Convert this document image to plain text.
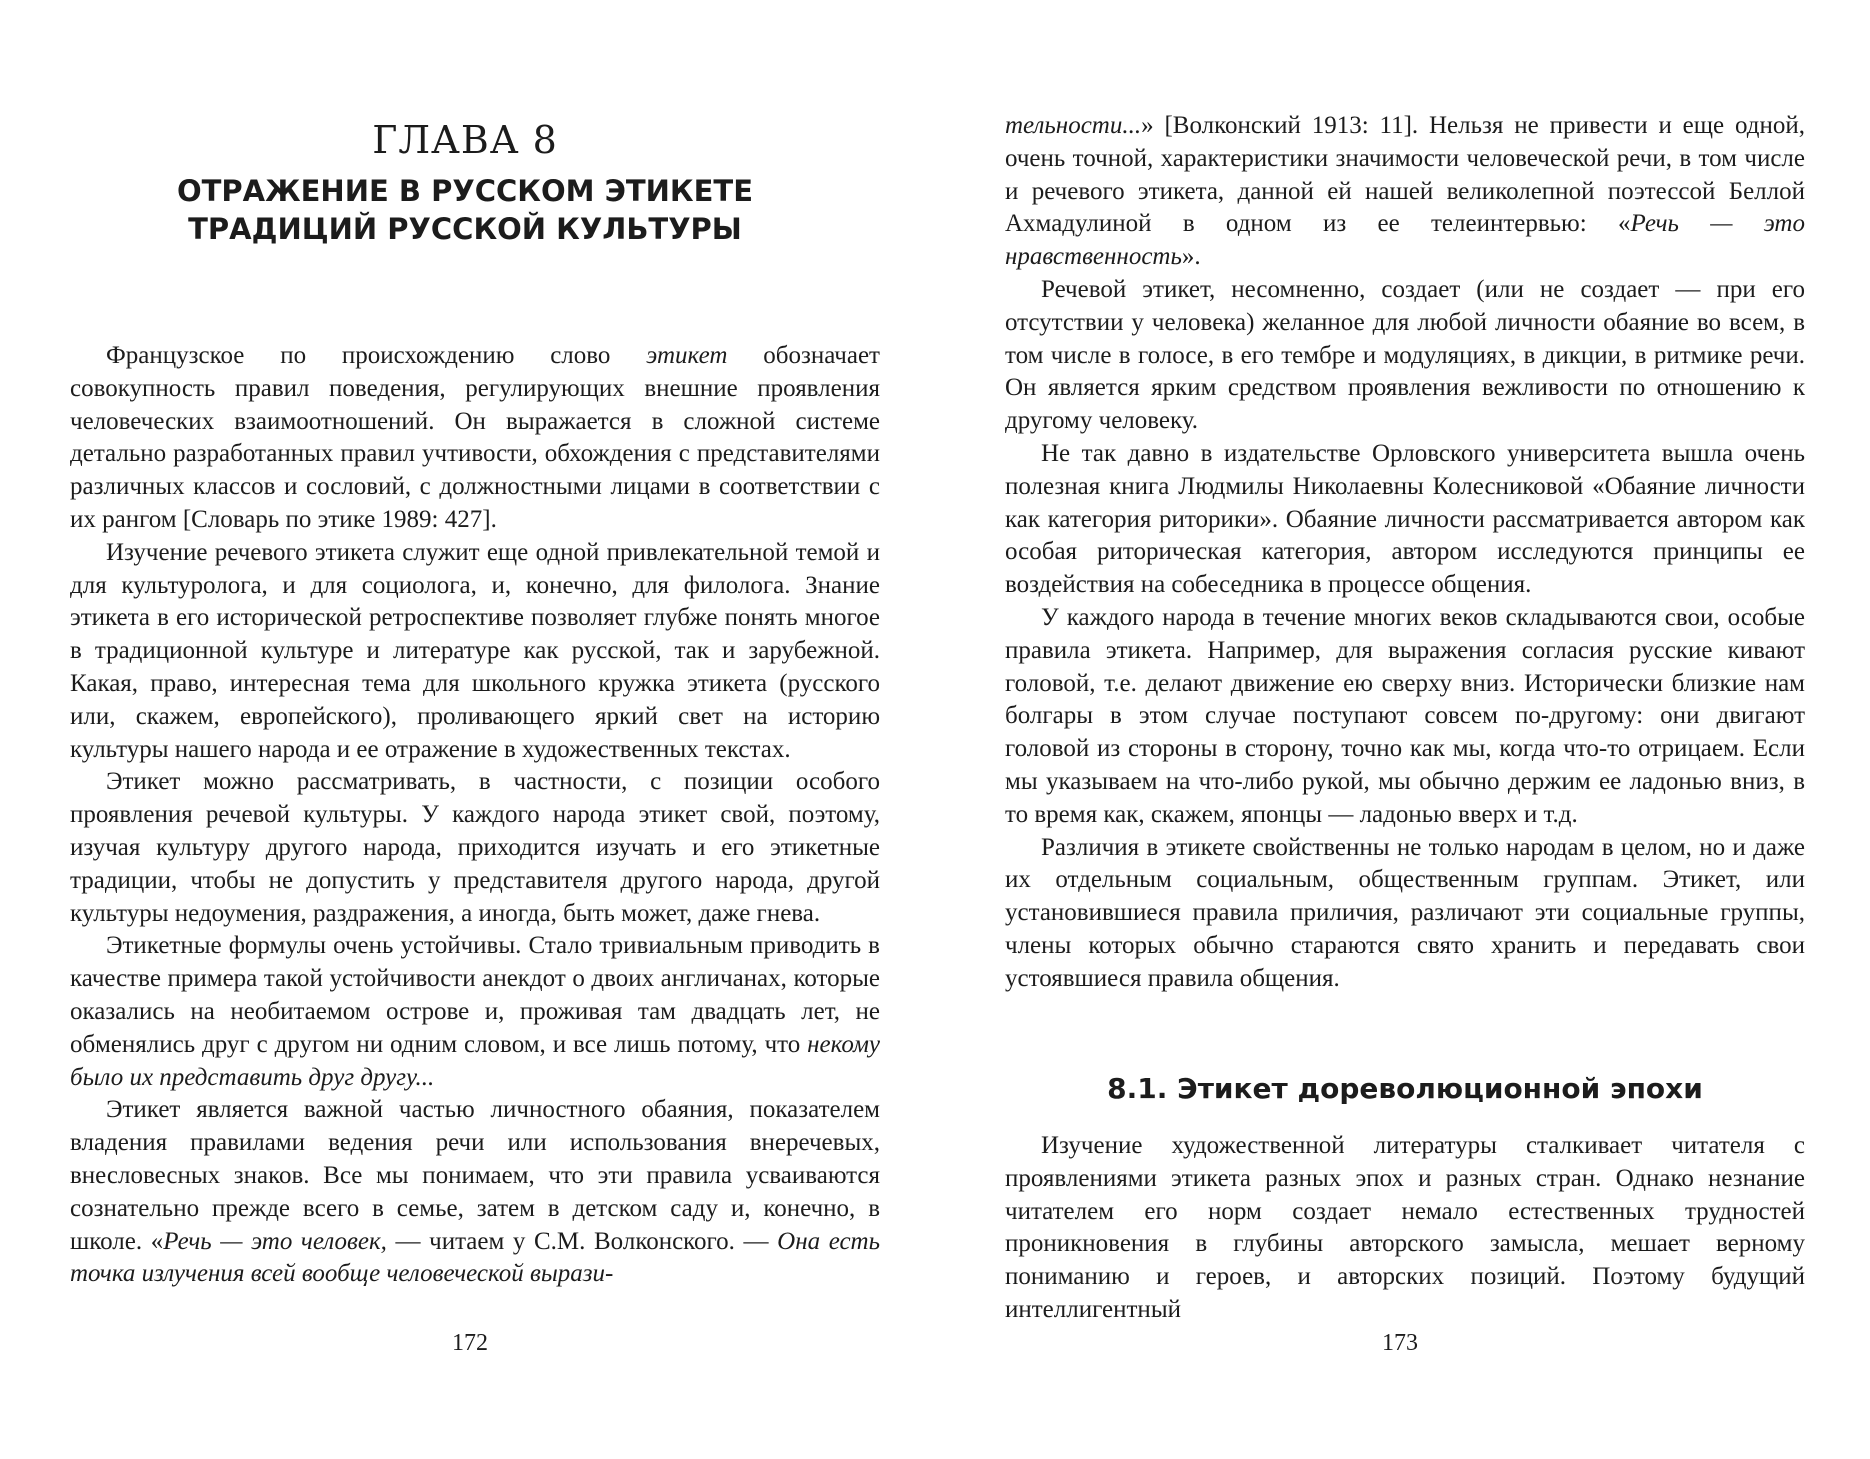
ГЛАВА 8
ОТРАЖЕНИЕ В РУССКОМ ЭТИКЕТЕ
ТРАДИЦИЙ РУССКОЙ КУЛЬТУРЫ

Французское по происхождению слово этикет обозначает совокупность правил поведения, регулирующих внешние проявления человеческих взаимоотношений. Он выражается в сложной системе детально разработанных правил учтивости, обхождения с представителями различных классов и сословий, с должностными лицами в соответствии с их рангом [Словарь по этике 1989: 427].

Изучение речевого этикета служит еще одной привлекательной темой и для культуролога, и для социолога, и, конечно, для филолога. Знание этикета в его исторической ретроспективе позволяет глубже понять многое в традиционной культуре и литературе как русской, так и зарубежной. Какая, право, интересная тема для школьного кружка этикета (русского или, скажем, европейского), проливающего яркий свет на историю культуры нашего народа и ее отражение в художественных текстах.

Этикет можно рассматривать, в частности, с позиции особого проявления речевой культуры. У каждого народа этикет свой, поэтому, изучая культуру другого народа, приходится изучать и его этикетные традиции, чтобы не допустить у представителя другого народа, другой культуры недоумения, раздражения, а иногда, быть может, даже гнева.

Этикетные формулы очень устойчивы. Стало тривиальным приводить в качестве примера такой устойчивости анекдот о двоих англичанах, которые оказались на необитаемом острове и, проживая там двадцать лет, не обменялись друг с другом ни одним словом, и все лишь потому, что некому было их представить друг другу...

Этикет является важной частью личностного обаяния, показателем владения правилами ведения речи или использования внеречевых, внесловесных знаков. Все мы понимаем, что эти правила усваиваются сознательно прежде всего в семье, затем в детском саду и, конечно, в школе. «Речь — это человек, — читаем у С.М. Волконского. — Она есть точка излучения всей вообще человеческой вырази-

172

тельности...» [Волконский 1913: 11]. Нельзя не привести и еще одной, очень точной, характеристики значимости человеческой речи, в том числе и речевого этикета, данной ей нашей великолепной поэтессой Беллой Ахмадулиной в одном из ее телеинтервью: «Речь — это нравственность».

Речевой этикет, несомненно, создает (или не создает — при его отсутствии у человека) желанное для любой личности обаяние во всем, в том числе в голосе, в его тембре и модуляциях, в дикции, в ритмике речи. Он является ярким средством проявления вежливости по отношению к другому человеку.

Не так давно в издательстве Орловского университета вышла очень полезная книга Людмилы Николаевны Колесниковой «Обаяние личности как категория риторики». Обаяние личности рассматривается автором как особая риторическая категория, автором исследуются принципы ее воздействия на собеседника в процессе общения.

У каждого народа в течение многих веков складываются свои, особые правила этикета. Например, для выражения согласия русские кивают головой, т.е. делают движение ею сверху вниз. Исторически близкие нам болгары в этом случае поступают совсем по-другому: они двигают головой из стороны в сторону, точно как мы, когда что-то отрицаем. Если мы указываем на что-либо рукой, мы обычно держим ее ладонью вниз, в то время как, скажем, японцы — ладонью вверх и т.д.

Различия в этикете свойственны не только народам в целом, но и даже их отдельным социальным, общественным группам. Этикет, или установившиеся правила приличия, различают эти социальные группы, члены которых обычно стараются свято хранить и передавать свои устоявшиеся правила общения.

8.1. Этикет дореволюционной эпохи

Изучение художественной литературы сталкивает читателя с проявлениями этикета разных эпох и разных стран. Однако незнание читателем его норм создает немало естественных трудностей проникновения в глубины авторского замысла, мешает верному пониманию и героев, и авторских позиций. Поэтому будущий интеллигентный

173
